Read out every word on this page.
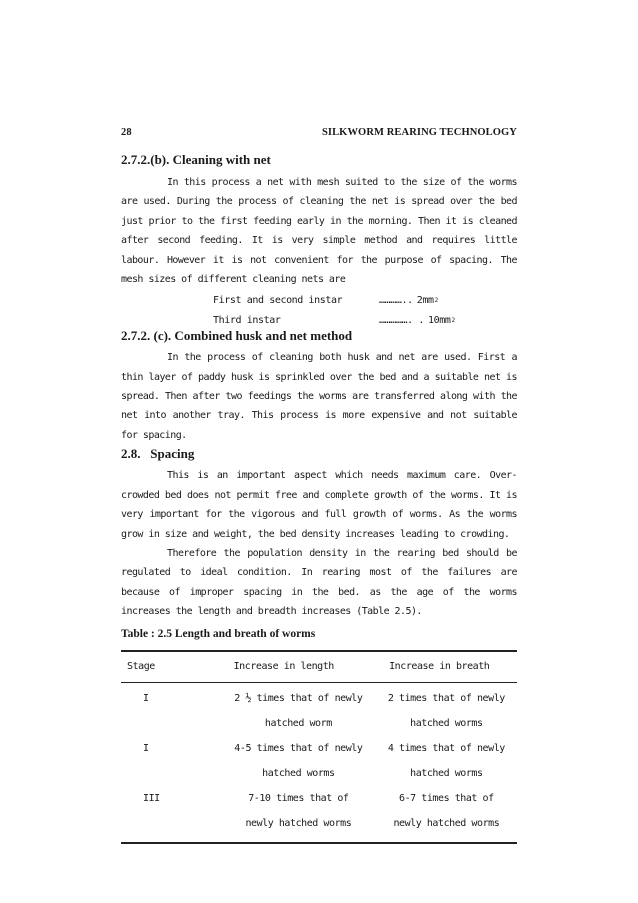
28	SILKWORM REARING TECHNOLOGY
2.7.2.(b). Cleaning with net

In this process a net with mesh suited to the size of the worms are used. During the process of cleaning the net is spread over the bed just prior to the first feeding early in the morning. Then it is cleaned after second feeding. It is very simple method and requires little labour. However it is not convenient for the purpose of spacing. The mesh sizes of different cleaning nets are

First and second instar	………….. 2mm 2
Third instar	……………. . 10mm 2
2.7.2. (c). Combined husk and net method

In the process of cleaning both husk and net are used. First a thin layer of paddy husk is sprinkled over the bed and a suitable net is spread. Then after two feedings the worms are transferred along with the net into another tray. This process is more expensive and not suitable for spacing.

2.8.   Spacing

This is an important aspect which needs maximum care. Over-crowded bed does not permit free and complete growth of the worms. It is very important for the vigorous and full growth of worms. As the worms grow in size and weight, the bed density increases leading to crowding.

Therefore the population density in the rearing bed should be regulated to ideal condition. In rearing most of the failures are because of improper spacing in the bed. as the age of the worms increases the length and breadth increases (Table 2.5).

Table : 2.5 Length and breath of worms

Stage	Increase in length	Increase in breath
I	2 ½ times that of newly	2 times that of newly
	hatched worm	hatched worms
I	4-5 times that of newly	4 times that of newly
	hatched worms	hatched worms
III	7-10 times that of	6-7 times that of
	newly hatched worms	newly hatched worms
